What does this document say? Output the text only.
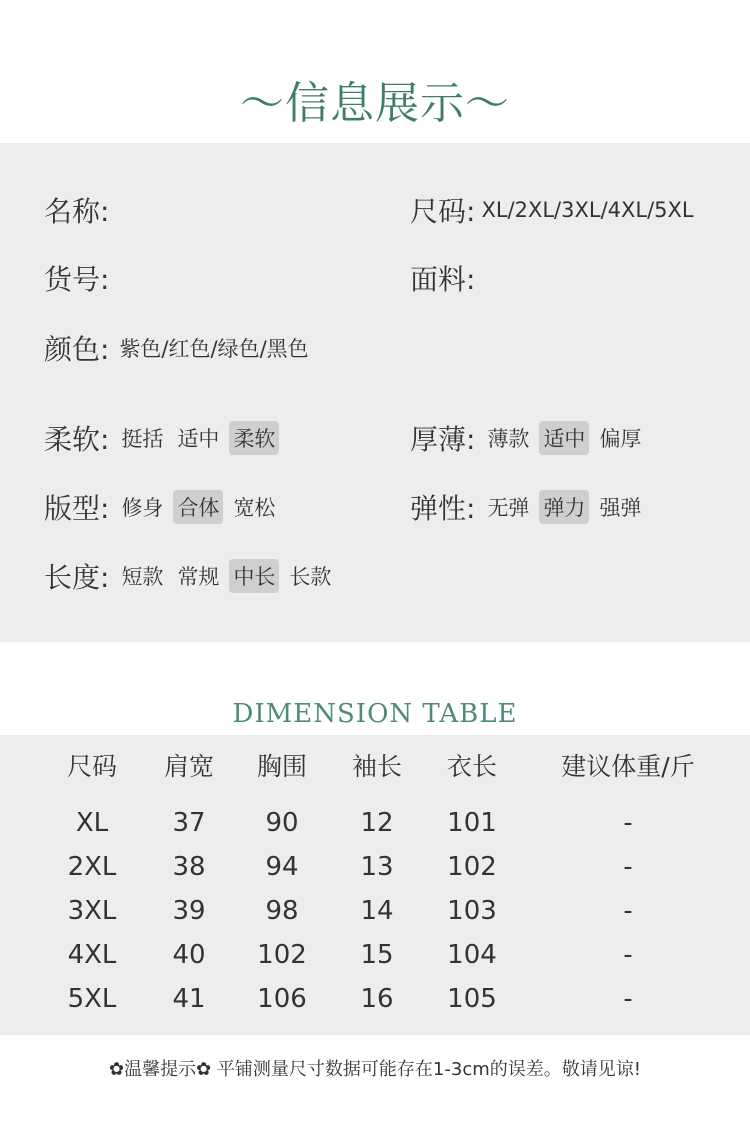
～信息展示～
名称:	尺码: XL/2XL/3XL/4XL/5XL
货号:	面料:
颜色: 紫色/红色/绿色/黑色
柔软: 挺括 适中 柔软	厚薄: 薄款 适中 偏厚
版型: 修身 合体 宽松	弹性: 无弹 弹力 强弹
长度: 短款 常规 中长 长款
DIMENSION TABLE
尺码	肩宽	胸围	袖长	衣长	建议体重/斤
XL	37	90	12	101	-
2XL	38	94	13	102	-
3XL	39	98	14	103	-
4XL	40	102	15	104	-
5XL	41	106	16	105	-
✿温馨提示✿ 平铺测量尺寸数据可能存在1-3cm的误差。敬请见谅!
